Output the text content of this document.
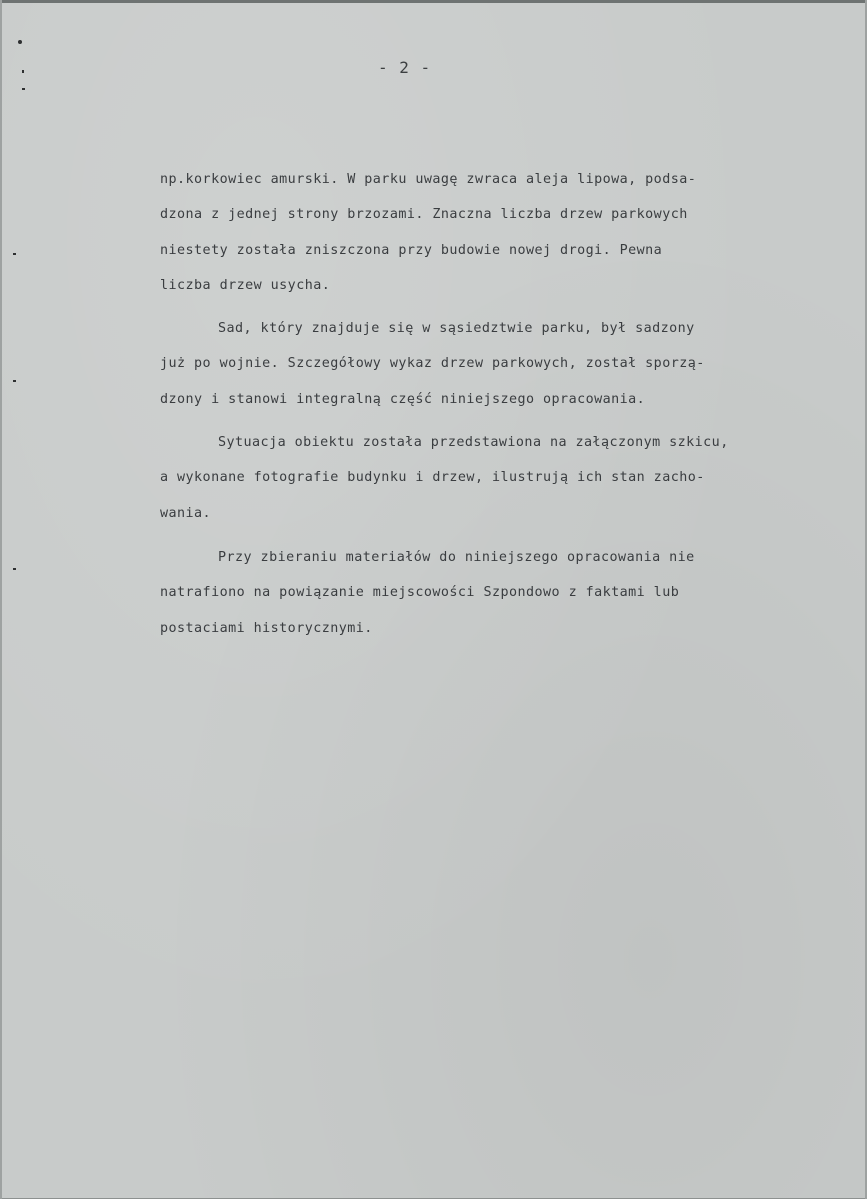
- 2 -
np.korkowiec amurski. W parku uwagę zwraca aleja lipowa, podsa-
dzona z jednej strony brzozami. Znaczna liczba drzew parkowych
niestety została zniszczona przy budowie nowej drogi. Pewna
liczba drzew usycha.
Sad, który znajduje się w sąsiedztwie parku, był sadzony
już po wojnie. Szczegółowy wykaz drzew parkowych, został sporzą-
dzony i stanowi integralną część niniejszego opracowania.
Sytuacja obiektu została przedstawiona na załączonym szkicu,
a wykonane fotografie budynku i drzew, ilustrują ich stan zacho-
wania.
Przy zbieraniu materiałów do niniejszego opracowania nie
natrafiono na powiązanie miejscowości Szpondowo z faktami lub
postaciami historycznymi.
